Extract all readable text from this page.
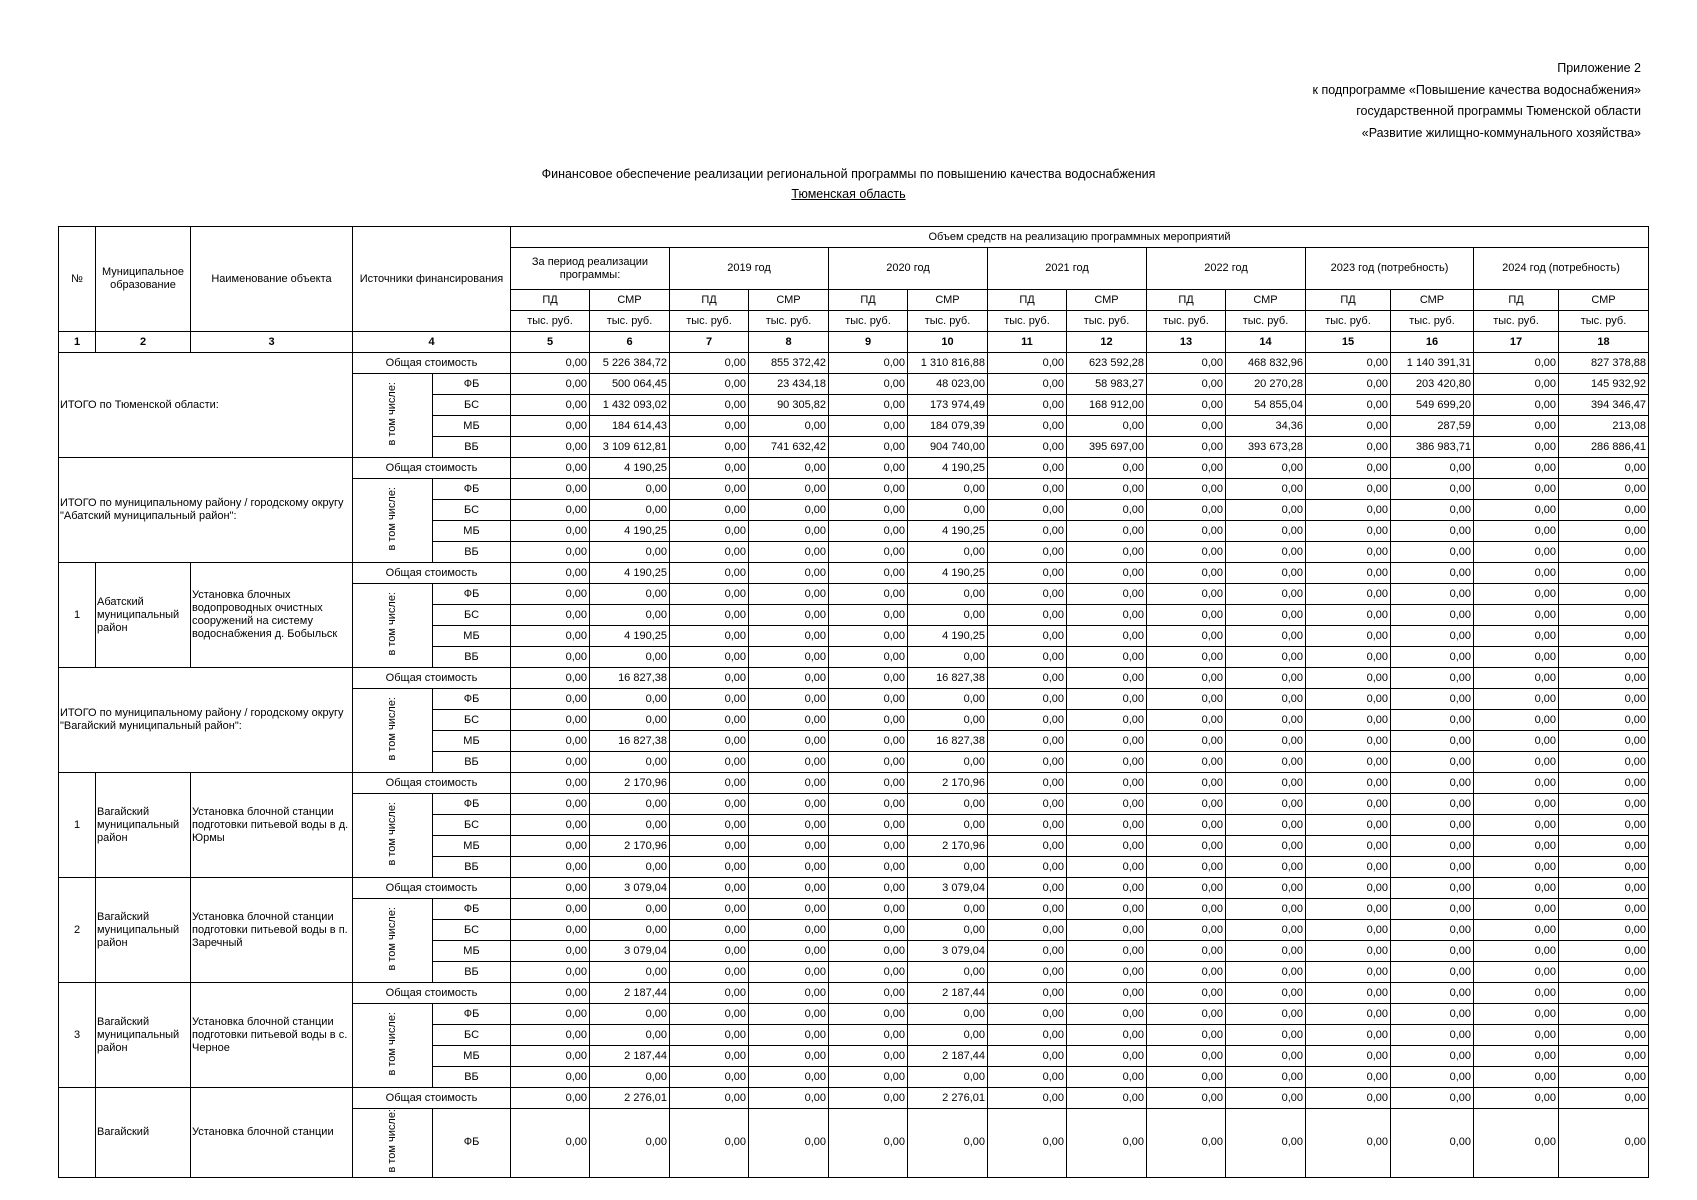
Приложение 2
к подпрограмме «Повышение качества водоснабжения»
государственной программы Тюменской области
«Развитие жилищно-коммунального хозяйства»
Финансовое обеспечение реализации региональной программы по повышению качества водоснабжения
Тюменская область
№	Муниципальное образование	Наименование объекта	Источники финансирования		Объем средств на реализацию программных мероприятий													
					За период реализации программы:		2019 год		2020 год		2021 год		2022 год		2023 год (потребность)		2024 год (потребность)	
					ПД	СМР	ПД	СМР	ПД	СМР	ПД	СМР	ПД	СМР	ПД	СМР	ПД	СМР
					тыс. руб.	тыс. руб.	тыс. руб.	тыс. руб.	тыс. руб.	тыс. руб.	тыс. руб.	тыс. руб.	тыс. руб.	тыс. руб.	тыс. руб.	тыс. руб.	тыс. руб.	тыс. руб.
1	2	3	4		5	6	7	8	9	10	11	12	13	14	15	16	17	18
ИТОГО по Тюменской области:			Общая стоимость		0,00	5 226 384,72	0,00	855 372,42	0,00	1 310 816,88	0,00	623 592,28	0,00	468 832,96	0,00	1 140 391,31	0,00	827 378,88
			в том числе:	ФБ	0,00	500 064,45	0,00	23 434,18	0,00	48 023,00	0,00	58 983,27	0,00	20 270,28	0,00	203 420,80	0,00	145 932,92
				БС	0,00	1 432 093,02	0,00	90 305,82	0,00	173 974,49	0,00	168 912,00	0,00	54 855,04	0,00	549 699,20	0,00	394 346,47
				МБ	0,00	184 614,43	0,00	0,00	0,00	184 079,39	0,00	0,00	0,00	34,36	0,00	287,59	0,00	213,08
				ВБ	0,00	3 109 612,81	0,00	741 632,42	0,00	904 740,00	0,00	395 697,00	0,00	393 673,28	0,00	386 983,71	0,00	286 886,41
ИТОГО по муниципальному району / городскому округу "Абатский муниципальный район":			Общая стоимость		0,00	4 190,25	0,00	0,00	0,00	4 190,25	0,00	0,00	0,00	0,00	0,00	0,00	0,00	0,00
			в том числе:	ФБ	0,00	0,00	0,00	0,00	0,00	0,00	0,00	0,00	0,00	0,00	0,00	0,00	0,00	0,00
				БС	0,00	0,00	0,00	0,00	0,00	0,00	0,00	0,00	0,00	0,00	0,00	0,00	0,00	0,00
				МБ	0,00	4 190,25	0,00	0,00	0,00	4 190,25	0,00	0,00	0,00	0,00	0,00	0,00	0,00	0,00
				ВБ	0,00	0,00	0,00	0,00	0,00	0,00	0,00	0,00	0,00	0,00	0,00	0,00	0,00	0,00
1	Абатский муниципальный район	Установка блочных водопроводных очистных сооружений на систему водоснабжения д. Бобыльск	Общая стоимость		0,00	4 190,25	0,00	0,00	0,00	4 190,25	0,00	0,00	0,00	0,00	0,00	0,00	0,00	0,00
			в том числе:	ФБ	0,00	0,00	0,00	0,00	0,00	0,00	0,00	0,00	0,00	0,00	0,00	0,00	0,00	0,00
				БС	0,00	0,00	0,00	0,00	0,00	0,00	0,00	0,00	0,00	0,00	0,00	0,00	0,00	0,00
				МБ	0,00	4 190,25	0,00	0,00	0,00	4 190,25	0,00	0,00	0,00	0,00	0,00	0,00	0,00	0,00
				ВБ	0,00	0,00	0,00	0,00	0,00	0,00	0,00	0,00	0,00	0,00	0,00	0,00	0,00	0,00
ИТОГО по муниципальному району / городскому округу "Вагайский муниципальный район":			Общая стоимость		0,00	16 827,38	0,00	0,00	0,00	16 827,38	0,00	0,00	0,00	0,00	0,00	0,00	0,00	0,00
			в том числе:	ФБ	0,00	0,00	0,00	0,00	0,00	0,00	0,00	0,00	0,00	0,00	0,00	0,00	0,00	0,00
				БС	0,00	0,00	0,00	0,00	0,00	0,00	0,00	0,00	0,00	0,00	0,00	0,00	0,00	0,00
				МБ	0,00	16 827,38	0,00	0,00	0,00	16 827,38	0,00	0,00	0,00	0,00	0,00	0,00	0,00	0,00
				ВБ	0,00	0,00	0,00	0,00	0,00	0,00	0,00	0,00	0,00	0,00	0,00	0,00	0,00	0,00
1	Вагайский муниципальный район	Установка блочной станции подготовки питьевой воды в д. Юрмы	Общая стоимость		0,00	2 170,96	0,00	0,00	0,00	2 170,96	0,00	0,00	0,00	0,00	0,00	0,00	0,00	0,00
			в том числе:	ФБ	0,00	0,00	0,00	0,00	0,00	0,00	0,00	0,00	0,00	0,00	0,00	0,00	0,00	0,00
				БС	0,00	0,00	0,00	0,00	0,00	0,00	0,00	0,00	0,00	0,00	0,00	0,00	0,00	0,00
				МБ	0,00	2 170,96	0,00	0,00	0,00	2 170,96	0,00	0,00	0,00	0,00	0,00	0,00	0,00	0,00
				ВБ	0,00	0,00	0,00	0,00	0,00	0,00	0,00	0,00	0,00	0,00	0,00	0,00	0,00	0,00
2	Вагайский муниципальный район	Установка блочной станции подготовки питьевой воды в п. Заречный	Общая стоимость		0,00	3 079,04	0,00	0,00	0,00	3 079,04	0,00	0,00	0,00	0,00	0,00	0,00	0,00	0,00
			в том числе:	ФБ	0,00	0,00	0,00	0,00	0,00	0,00	0,00	0,00	0,00	0,00	0,00	0,00	0,00	0,00
				БС	0,00	0,00	0,00	0,00	0,00	0,00	0,00	0,00	0,00	0,00	0,00	0,00	0,00	0,00
				МБ	0,00	3 079,04	0,00	0,00	0,00	3 079,04	0,00	0,00	0,00	0,00	0,00	0,00	0,00	0,00
				ВБ	0,00	0,00	0,00	0,00	0,00	0,00	0,00	0,00	0,00	0,00	0,00	0,00	0,00	0,00
3	Вагайский муниципальный район	Установка блочной станции подготовки питьевой воды в с. Черное	Общая стоимость		0,00	2 187,44	0,00	0,00	0,00	2 187,44	0,00	0,00	0,00	0,00	0,00	0,00	0,00	0,00
			в том числе:	ФБ	0,00	0,00	0,00	0,00	0,00	0,00	0,00	0,00	0,00	0,00	0,00	0,00	0,00	0,00
				БС	0,00	0,00	0,00	0,00	0,00	0,00	0,00	0,00	0,00	0,00	0,00	0,00	0,00	0,00
				МБ	0,00	2 187,44	0,00	0,00	0,00	2 187,44	0,00	0,00	0,00	0,00	0,00	0,00	0,00	0,00
				ВБ	0,00	0,00	0,00	0,00	0,00	0,00	0,00	0,00	0,00	0,00	0,00	0,00	0,00	0,00
	Вагайский	Установка блочной станции	Общая стоимость		0,00	2 276,01	0,00	0,00	0,00	2 276,01	0,00	0,00	0,00	0,00	0,00	0,00	0,00	0,00
			в том числе:	ФБ	0,00	0,00	0,00	0,00	0,00	0,00	0,00	0,00	0,00	0,00	0,00	0,00	0,00	0,00
